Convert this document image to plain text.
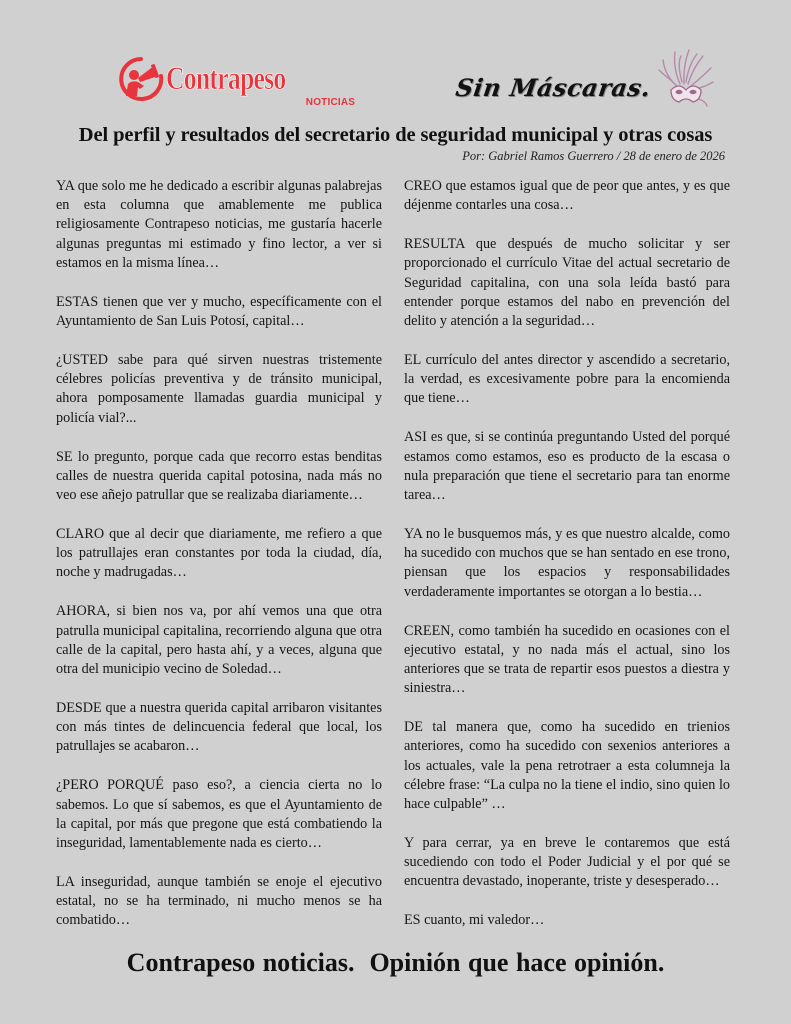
Contrapeso
NOTICIAS
Sin Máscaras.
Del perfil y resultados del secretario de seguridad municipal y otras cosas
Por: Gabriel Ramos Guerrero / 28 de enero de 2026

YA que solo me he dedicado a escribir algunas palabrejas en esta columna que amablemente me publica religiosamente Contrapeso noticias, me gustaría hacerle algunas preguntas mi estimado y fino lector, a ver si estamos en la misma línea…

ESTAS tienen que ver y mucho, específicamente con el Ayuntamiento de San Luis Potosí, capital…

¿USTED sabe para qué sirven nuestras tristemente célebres policías preventiva y de tránsito municipal, ahora pomposamente llamadas guardia municipal y policía vial?...

SE lo pregunto, porque cada que recorro estas benditas calles de nuestra querida capital potosina, nada más no veo ese añejo patrullar que se realizaba diariamente…

CLARO que al decir que diariamente, me refiero a que los patrullajes eran constantes por toda la ciudad, día, noche y madrugadas…

AHORA, si bien nos va, por ahí vemos una que otra patrulla municipal capitalina, recorriendo alguna que otra calle de la capital, pero hasta ahí, y a veces, alguna que otra del municipio vecino de Soledad…

DESDE que a nuestra querida capital arribaron visitantes con más tintes de delincuencia federal que local, los patrullajes se acabaron…

¿PERO PORQUÉ paso eso?, a ciencia cierta no lo sabemos. Lo que sí sabemos, es que el Ayuntamiento de la capital, por más que pregone que está combatiendo la inseguridad, lamentablemente nada es cierto…

LA inseguridad, aunque también se enoje el ejecutivo estatal, no se ha terminado, ni mucho menos se ha combatido…

CREO que estamos igual que de peor que antes, y es que déjenme contarles una cosa…

RESULTA que después de mucho solicitar y ser proporcionado el currículo Vitae del actual secretario de Seguridad capitalina, con una sola leída bastó para entender porque estamos del nabo en prevención del delito y atención a la seguridad…

EL currículo del antes director y ascendido a secretario, la verdad, es excesivamente pobre para la encomienda que tiene…

ASI es que, si se continúa preguntando Usted del porqué estamos como estamos, eso es producto de la escasa o nula preparación que tiene el secretario para tan enorme tarea…

YA no le busquemos más, y es que nuestro alcalde, como ha sucedido con muchos que se han sentado en ese trono, piensan que los espacios y responsabilidades verdaderamente importantes se otorgan a lo bestia…

CREEN, como también ha sucedido en ocasiones con el ejecutivo estatal, y no nada más el actual, sino los anteriores que se trata de repartir esos puestos a diestra y siniestra…

DE tal manera que, como ha sucedido en trienios anteriores, como ha sucedido con sexenios anteriores a los actuales, vale la pena retrotraer a esta columneja la célebre frase: “La culpa no la tiene el indio, sino quien lo hace culpable” …

Y para cerrar, ya en breve le contaremos que está sucediendo con todo el Poder Judicial y el por qué se encuentra devastado, inoperante, triste y desesperado…

ES cuanto, mi valedor…

Contrapeso noticias.  Opinión que hace opinión.
